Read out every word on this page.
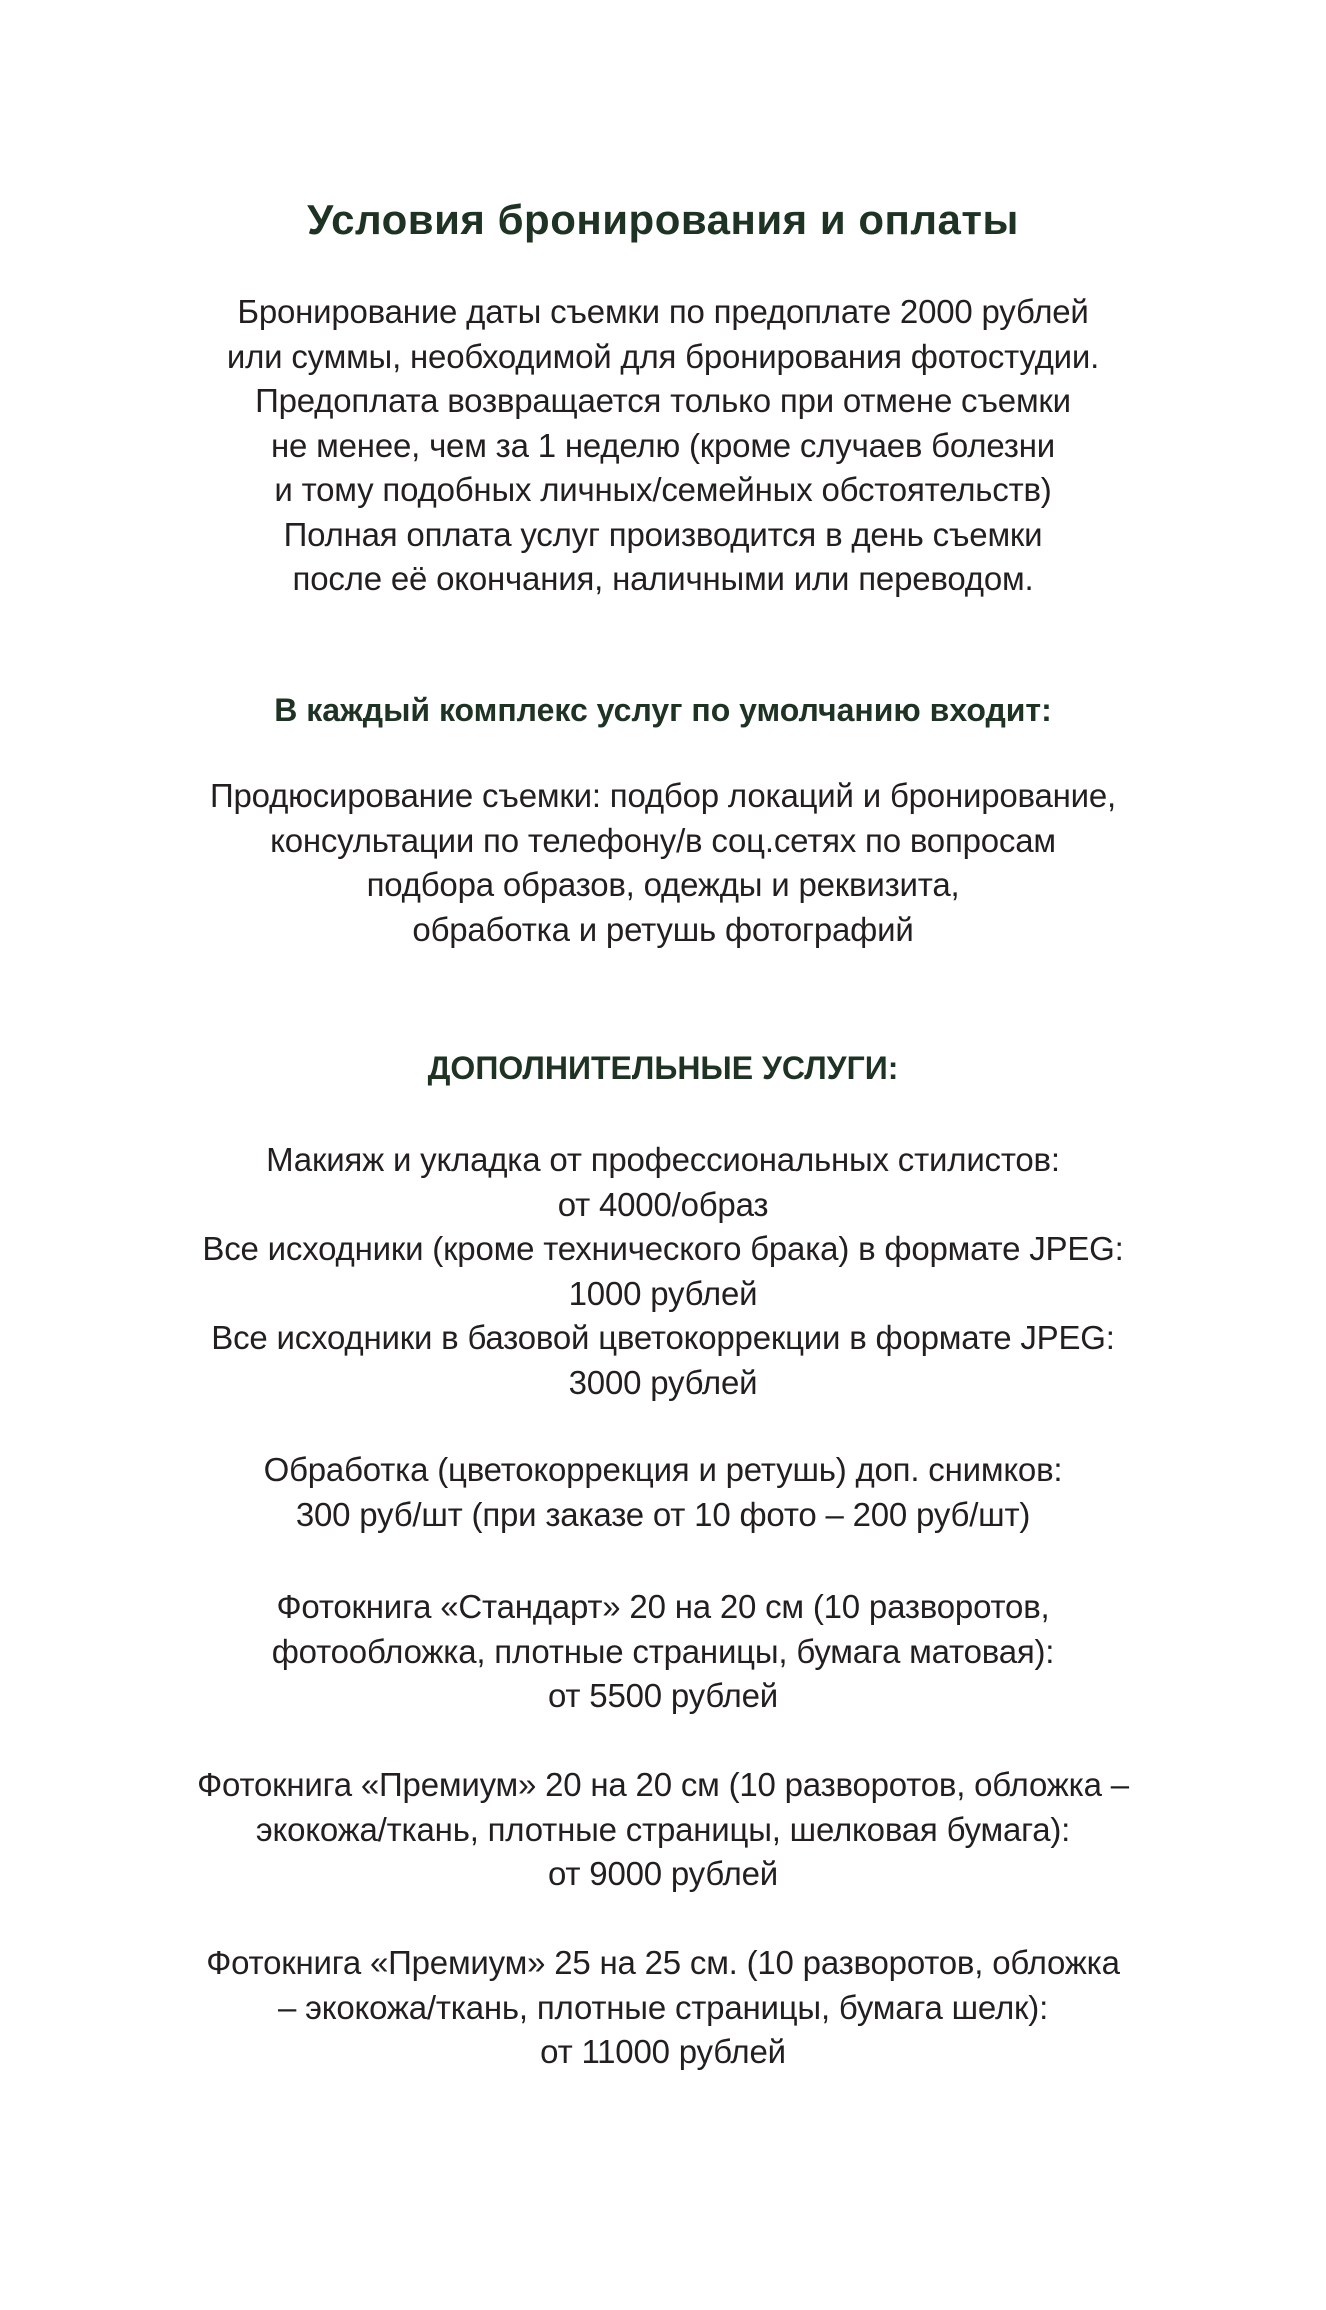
Условия бронирования и оплаты
Бронирование даты съемки по предоплате 2000 рублей
или суммы, необходимой для бронирования фотостудии.
Предоплата возвращается только при отмене съемки
не менее, чем за 1 неделю (кроме случаев болезни
и тому подобных личных/семейных обстоятельств)
Полная оплата услуг производится в день съемки
после её окончания, наличными или переводом.
В каждый комплекс услуг по умолчанию входит:
Продюсирование съемки: подбор локаций и бронирование,
консультации по телефону/в соц.сетях по вопросам
подбора образов, одежды и реквизита,
обработка и ретушь фотографий
ДОПОЛНИТЕЛЬНЫЕ УСЛУГИ:
Макияж и укладка от профессиональных стилистов:
от 4000/образ
Все исходники (кроме технического брака) в формате JPEG:
1000 рублей
Все исходники в базовой цветокоррекции в формате JPEG:
3000 рублей
Обработка (цветокоррекция и ретушь) доп. снимков:
300 руб/шт (при заказе от 10 фото – 200 руб/шт)
Фотокнига «Стандарт» 20 на 20 см (10 разворотов,
фотообложка, плотные страницы, бумага матовая):
от 5500 рублей
Фотокнига «Премиум» 20 на 20 см (10 разворотов, обложка –
экокожа/ткань, плотные страницы, шелковая бумага):
от 9000 рублей
Фотокнига «Премиум» 25 на 25 см. (10 разворотов, обложка
– экокожа/ткань, плотные страницы, бумага шелк):
от 11000 рублей
